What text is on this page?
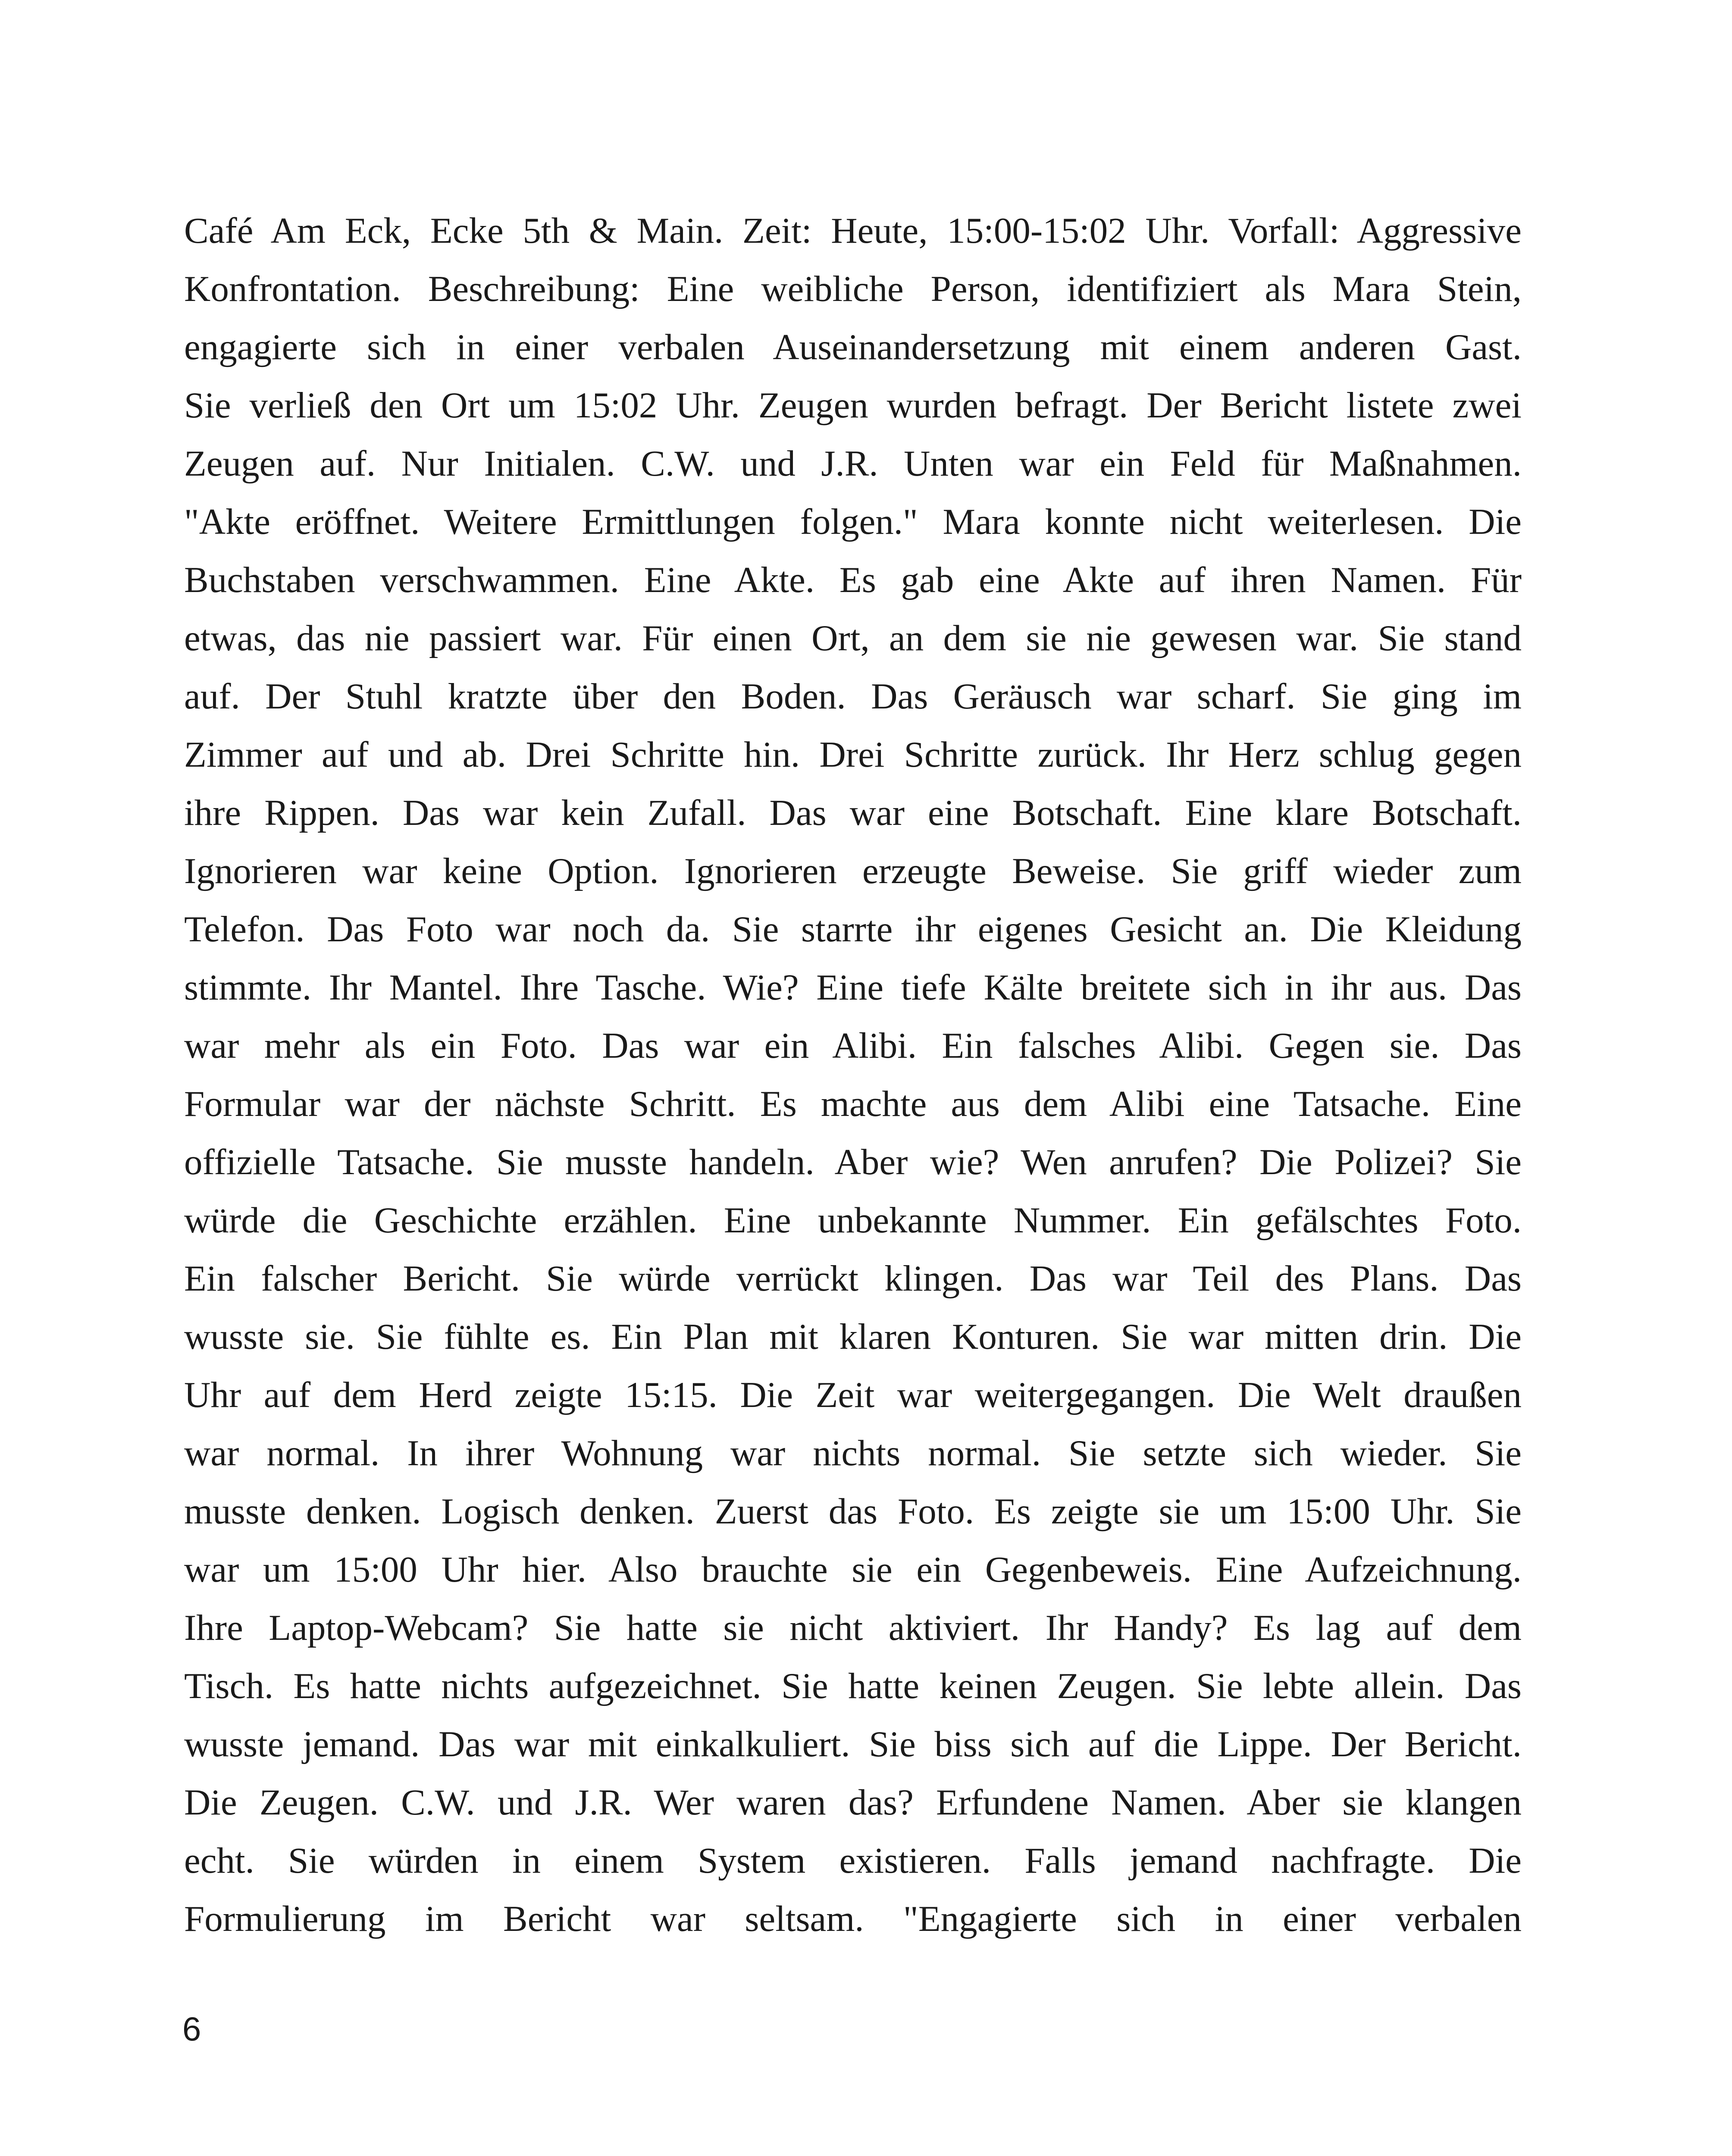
Café Am Eck, Ecke 5th & Main. Zeit: Heute, 15:00-15:02 Uhr. Vorfall: Aggressive
Konfrontation. Beschreibung: Eine weibliche Person, identifiziert als Mara Stein,
engagierte sich in einer verbalen Auseinandersetzung mit einem anderen Gast.
Sie verließ den Ort um 15:02 Uhr. Zeugen wurden befragt. Der Bericht listete zwei
Zeugen auf. Nur Initialen. C.W. und J.R. Unten war ein Feld für Maßnahmen.
"Akte eröffnet. Weitere Ermittlungen folgen." Mara konnte nicht weiterlesen. Die
Buchstaben verschwammen. Eine Akte. Es gab eine Akte auf ihren Namen. Für
etwas, das nie passiert war. Für einen Ort, an dem sie nie gewesen war. Sie stand
auf. Der Stuhl kratzte über den Boden. Das Geräusch war scharf. Sie ging im
Zimmer auf und ab. Drei Schritte hin. Drei Schritte zurück. Ihr Herz schlug gegen
ihre Rippen. Das war kein Zufall. Das war eine Botschaft. Eine klare Botschaft.
Ignorieren war keine Option. Ignorieren erzeugte Beweise. Sie griff wieder zum
Telefon. Das Foto war noch da. Sie starrte ihr eigenes Gesicht an. Die Kleidung
stimmte. Ihr Mantel. Ihre Tasche. Wie? Eine tiefe Kälte breitete sich in ihr aus. Das
war mehr als ein Foto. Das war ein Alibi. Ein falsches Alibi. Gegen sie. Das
Formular war der nächste Schritt. Es machte aus dem Alibi eine Tatsache. Eine
offizielle Tatsache. Sie musste handeln. Aber wie? Wen anrufen? Die Polizei? Sie
würde die Geschichte erzählen. Eine unbekannte Nummer. Ein gefälschtes Foto.
Ein falscher Bericht. Sie würde verrückt klingen. Das war Teil des Plans. Das
wusste sie. Sie fühlte es. Ein Plan mit klaren Konturen. Sie war mitten drin. Die
Uhr auf dem Herd zeigte 15:15. Die Zeit war weitergegangen. Die Welt draußen
war normal. In ihrer Wohnung war nichts normal. Sie setzte sich wieder. Sie
musste denken. Logisch denken. Zuerst das Foto. Es zeigte sie um 15:00 Uhr. Sie
war um 15:00 Uhr hier. Also brauchte sie ein Gegenbeweis. Eine Aufzeichnung.
Ihre Laptop-Webcam? Sie hatte sie nicht aktiviert. Ihr Handy? Es lag auf dem
Tisch. Es hatte nichts aufgezeichnet. Sie hatte keinen Zeugen. Sie lebte allein. Das
wusste jemand. Das war mit einkalkuliert. Sie biss sich auf die Lippe. Der Bericht.
Die Zeugen. C.W. und J.R. Wer waren das? Erfundene Namen. Aber sie klangen
echt. Sie würden in einem System existieren. Falls jemand nachfragte. Die
Formulierung im Bericht war seltsam. "Engagierte sich in einer verbalen
6
